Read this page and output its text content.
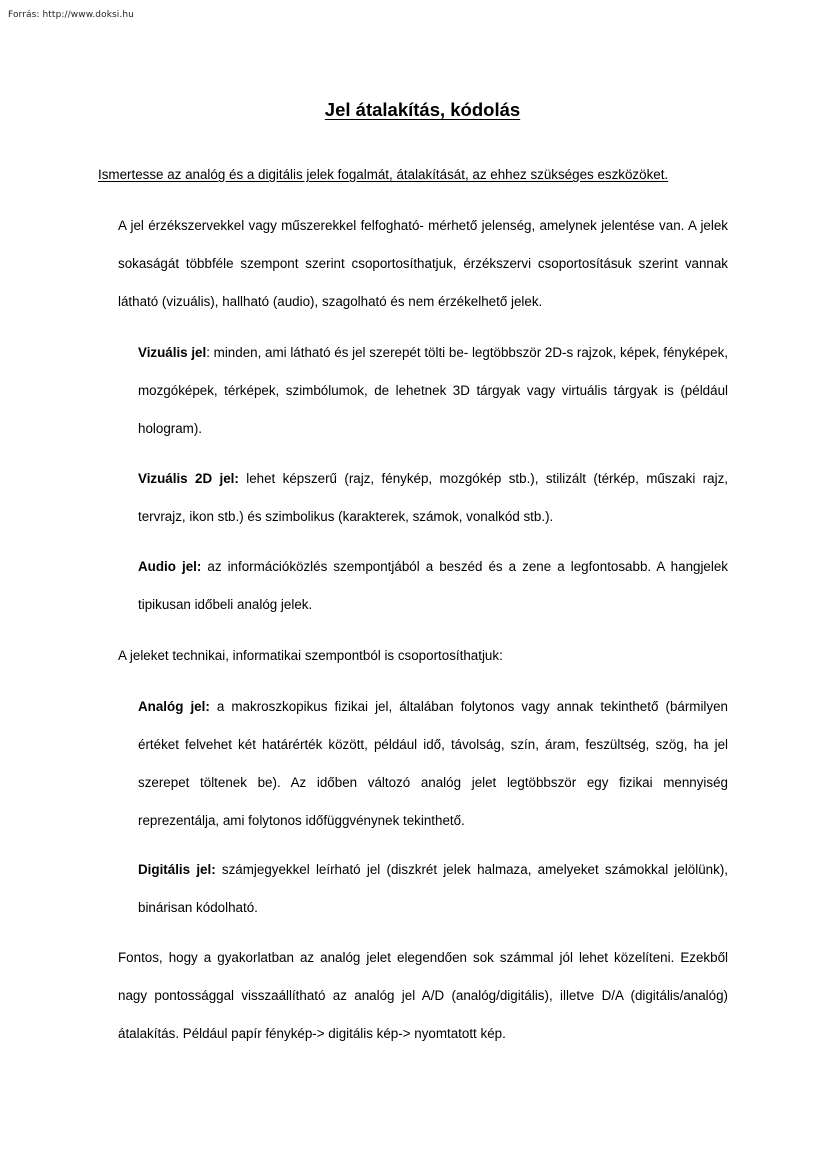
Forrás: http://www.doksi.hu
Jel átalakítás, kódolás
Ismertesse az analóg és a digitális jelek fogalmát, átalakítását, az ehhez szükséges eszközöket.

A jel érzékszervekkel vagy műszerekkel felfogható- mérhető jelenség, amelynek jelentése van. A jelek sokaságát többféle szempont szerint csoportosíthatjuk, érzékszervi csoportosításuk szerint vannak látható (vizuális), hallható (audio), szagolható és nem érzékelhető jelek.

Vizuális jel: minden, ami látható és jel szerepét tölti be- legtöbbször 2D-s rajzok, képek, fényképek, mozgóképek, térképek, szimbólumok, de lehetnek 3D tárgyak vagy virtuális tárgyak is (például hologram).

Vizuális 2D jel: lehet képszerű (rajz, fénykép, mozgókép stb.), stilizált (térkép, műszaki rajz, tervrajz, ikon stb.) és szimbolikus (karakterek, számok, vonalkód stb.).

Audio jel: az információközlés szempontjából a beszéd és a zene a legfontosabb. A hangjelek tipikusan időbeli analóg jelek.

A jeleket technikai, informatikai szempontból is csoportosíthatjuk:

Analóg jel: a makroszkopikus fizikai jel, általában folytonos vagy annak tekinthető (bármilyen értéket felvehet két határérték között, például idő, távolság, szín, áram, feszültség, szög, ha jel szerepet töltenek be). Az időben változó analóg jelet legtöbbször egy fizikai mennyiség reprezentálja, ami folytonos időfüggvénynek tekinthető.

Digitális jel: számjegyekkel leírható jel (diszkrét jelek halmaza, amelyeket számokkal jelölünk), binárisan kódolható.

Fontos, hogy a gyakorlatban az analóg jelet elegendően sok számmal jól lehet közelíteni. Ezekből nagy pontossággal visszaállítható az analóg jel A/D (analóg/digitális), illetve D/A (digitális/analóg) átalakítás. Például papír fénykép-> digitális kép-> nyomtatott kép.
